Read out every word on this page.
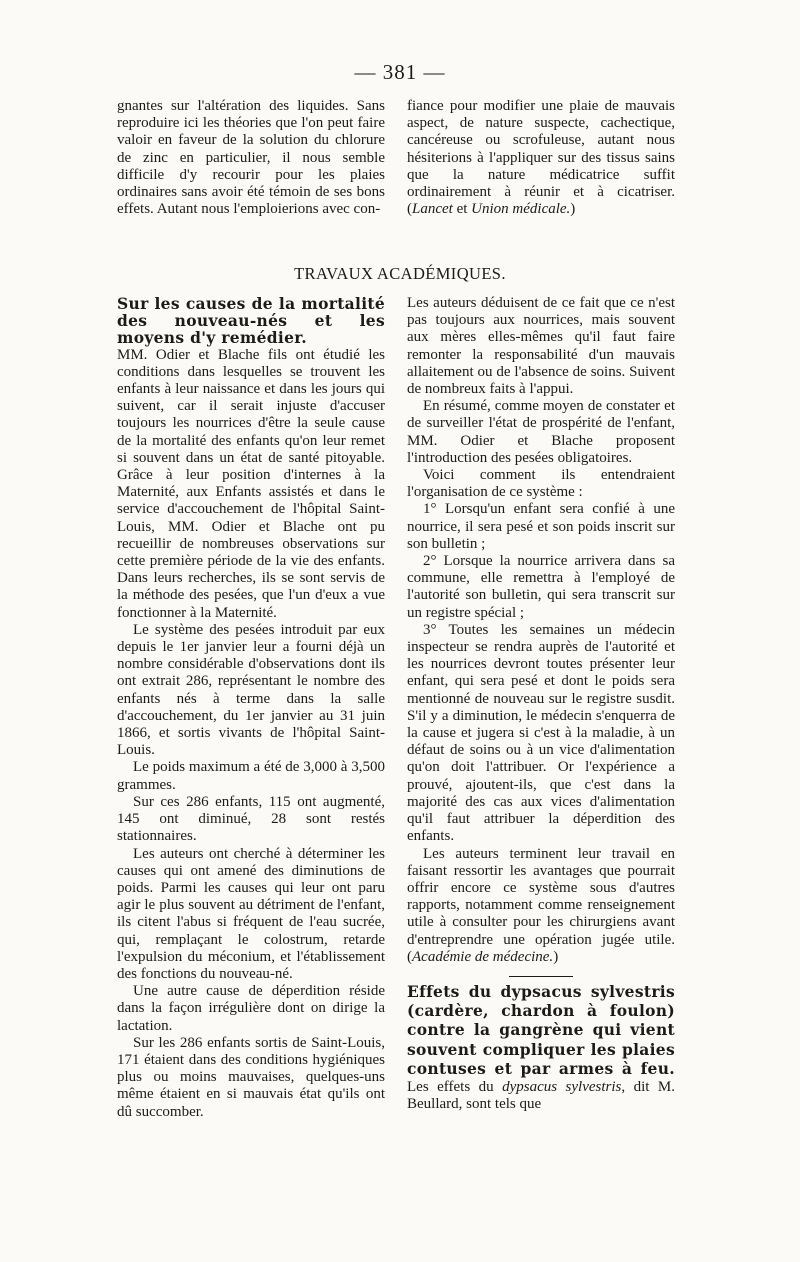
— 381 —

gnantes sur l'altération des liquides. Sans reproduire ici les théories que l'on peut faire valoir en faveur de la solution du chlorure de zinc en particulier, il nous semble difficile d'y recourir pour les plaies ordinaires sans avoir été témoin de ses bons effets. Autant nous l'emploierions avec con-

fiance pour modifier une plaie de mauvais aspect, de nature suspecte, cachectique, cancéreuse ou scrofuleuse, autant nous hésiterions à l'appliquer sur des tissus sains que la nature médicatrice suffit ordinairement à réunir et à cicatriser. (Lancet et Union médicale.)

TRAVAUX ACADÉMIQUES.

Sur les causes de la mortalité des nouveau-nés et les moyens d'y remédier.

MM. Odier et Blache fils ont étudié les conditions dans lesquelles se trouvent les enfants à leur naissance et dans les jours qui suivent, car il serait injuste d'accuser toujours les nourrices d'être la seule cause de la mortalité des enfants qu'on leur remet si souvent dans un état de santé pitoyable. Grâce à leur position d'internes à la Maternité, aux Enfants assistés et dans le service d'accouchement de l'hôpital Saint-Louis, MM. Odier et Blache ont pu recueillir de nombreuses observations sur cette première période de la vie des enfants. Dans leurs recherches, ils se sont servis de la méthode des pesées, que l'un d'eux a vue fonctionner à la Maternité.

Le système des pesées introduit par eux depuis le 1er janvier leur a fourni déjà un nombre considérable d'observations dont ils ont extrait 286, représentant le nombre des enfants nés à terme dans la salle d'accouchement, du 1er janvier au 31 juin 1866, et sortis vivants de l'hôpital Saint-Louis.

Le poids maximum a été de 3,000 à 3,500 grammes.

Sur ces 286 enfants, 115 ont augmenté, 145 ont diminué, 28 sont restés stationnaires.

Les auteurs ont cherché à déterminer les causes qui ont amené des diminutions de poids. Parmi les causes qui leur ont paru agir le plus souvent au détriment de l'enfant, ils citent l'abus si fréquent de l'eau sucrée, qui, remplaçant le colostrum, retarde l'expulsion du méconium, et l'établissement des fonctions du nouveau-né.

Une autre cause de déperdition réside dans la façon irrégulière dont on dirige la lactation.

Sur les 286 enfants sortis de Saint-Louis, 171 étaient dans des conditions hygiéniques plus ou moins mauvaises, quelques-uns même étaient en si mauvais état qu'ils ont dû succomber.

Les auteurs déduisent de ce fait que ce n'est pas toujours aux nourrices, mais souvent aux mères elles-mêmes qu'il faut faire remonter la responsabilité d'un mauvais allaitement ou de l'absence de soins. Suivent de nombreux faits à l'appui.

En résumé, comme moyen de constater et de surveiller l'état de prospérité de l'enfant, MM. Odier et Blache proposent l'introduction des pesées obligatoires.

Voici comment ils entendraient l'organisation de ce système :

1° Lorsqu'un enfant sera confié à une nourrice, il sera pesé et son poids inscrit sur son bulletin ;

2° Lorsque la nourrice arrivera dans sa commune, elle remettra à l'employé de l'autorité son bulletin, qui sera transcrit sur un registre spécial ;

3° Toutes les semaines un médecin inspecteur se rendra auprès de l'autorité et les nourrices devront toutes présenter leur enfant, qui sera pesé et dont le poids sera mentionné de nouveau sur le registre susdit. S'il y a diminution, le médecin s'enquerra de la cause et jugera si c'est à la maladie, à un défaut de soins ou à un vice d'alimentation qu'on doit l'attribuer. Or l'expérience a prouvé, ajoutent-ils, que c'est dans la majorité des cas aux vices d'alimentation qu'il faut attribuer la déperdition des enfants.

Les auteurs terminent leur travail en faisant ressortir les avantages que pourrait offrir encore ce système sous d'autres rapports, notamment comme renseignement utile à consulter pour les chirurgiens avant d'entreprendre une opération jugée utile. (Académie de médecine.)

Effets du dypsacus sylvestris (cardère, chardon à foulon) contre la gangrène qui vient souvent compliquer les plaies contuses et par armes à feu. Les effets du dypsacus sylvestris, dit M. Beullard, sont tels que
